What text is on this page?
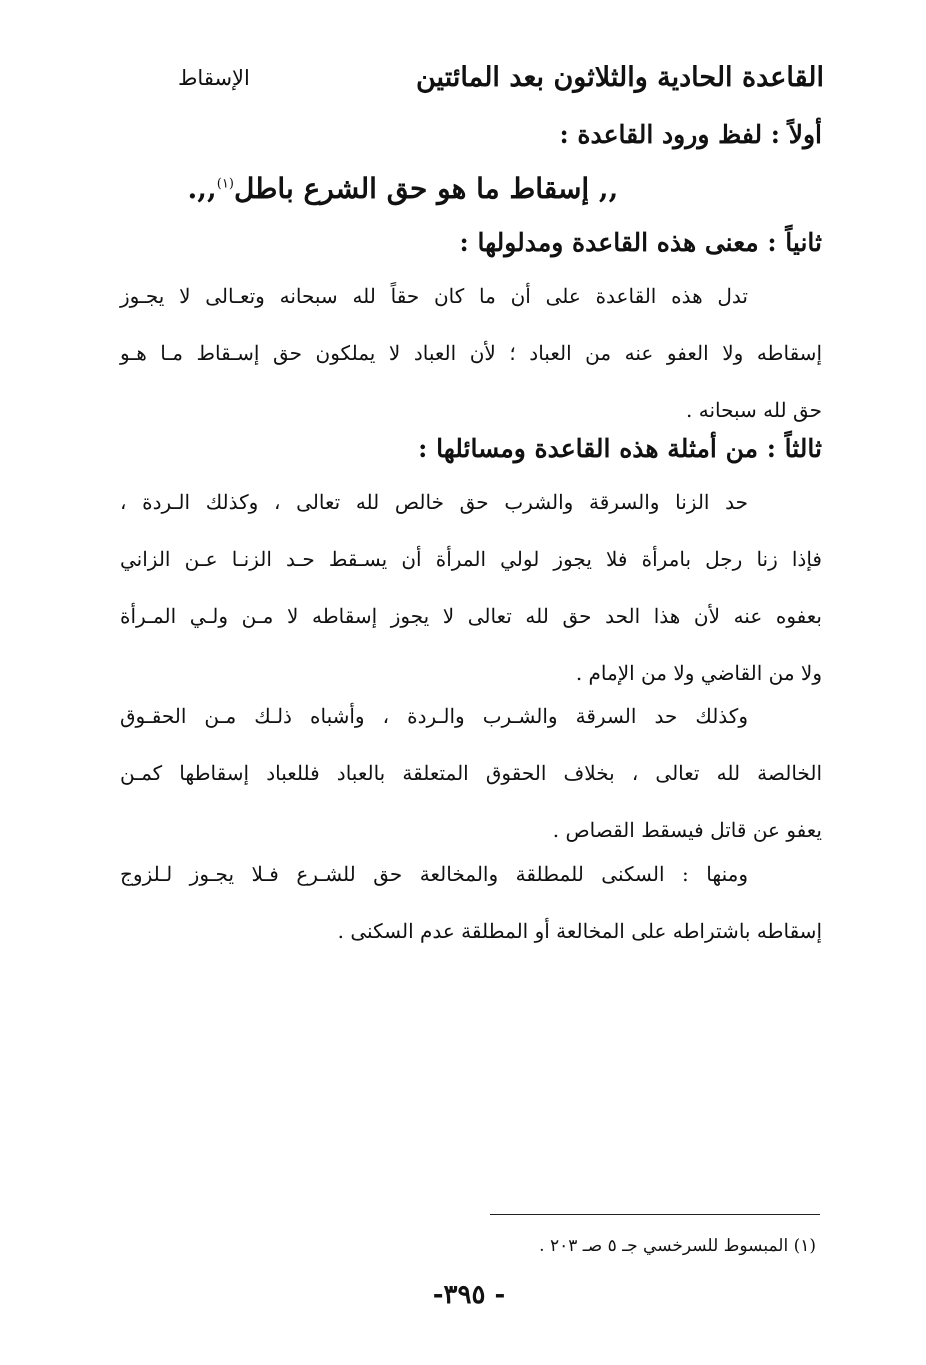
القاعدة الحادية والثلاثون بعد المائتين
الإسقاط
أولاً : لفظ ورود القاعدة :
,, إسقاط ما هو حق الشرع باطل$^{(١)}$,,.
ثانياً : معنى هذه القاعدة ومدلولها :
تدل هذه القاعدة على أن ما كان حقاً لله سبحانه وتعـالى لا يجـوز
إسقاطه ولا العفو عنه من العباد ؛ لأن العباد لا يملكون حق إسـقاط مـا هـو
حق لله سبحانه .
ثالثاً : من أمثلة هذه القاعدة ومسائلها :
حد الزنا والسرقة والشرب حق خالص لله تعالى ، وكذلك الـردة ،
فإذا زنا رجل بامرأة فلا يجوز لولي المرأة أن يسـقط حـد الزنـا عـن الزاني
بعفوه عنه لأن هذا الحد حق لله تعالى لا يجوز إسقاطه لا مـن ولـي المـرأة
ولا من القاضي ولا من الإمام .
وكذلك حد السرقة والشـرب والـردة ، وأشباه ذلـك مـن الحقـوق
الخالصة لله تعالى ، بخلاف الحقوق المتعلقة بالعباد فللعباد إسقاطها كمـن
يعفو عن قاتل فيسقط القصاص .
ومنها : السكنى للمطلقة والمخالعة حق للشـرع فـلا يجـوز لـلزوج
إسقاطه باشتراطه على المخالعة أو المطلقة عدم السكنى .
(١) المبسوط للسرخسي جـ ٥ صـ ٢٠٣ .
- ٣٩٥-
